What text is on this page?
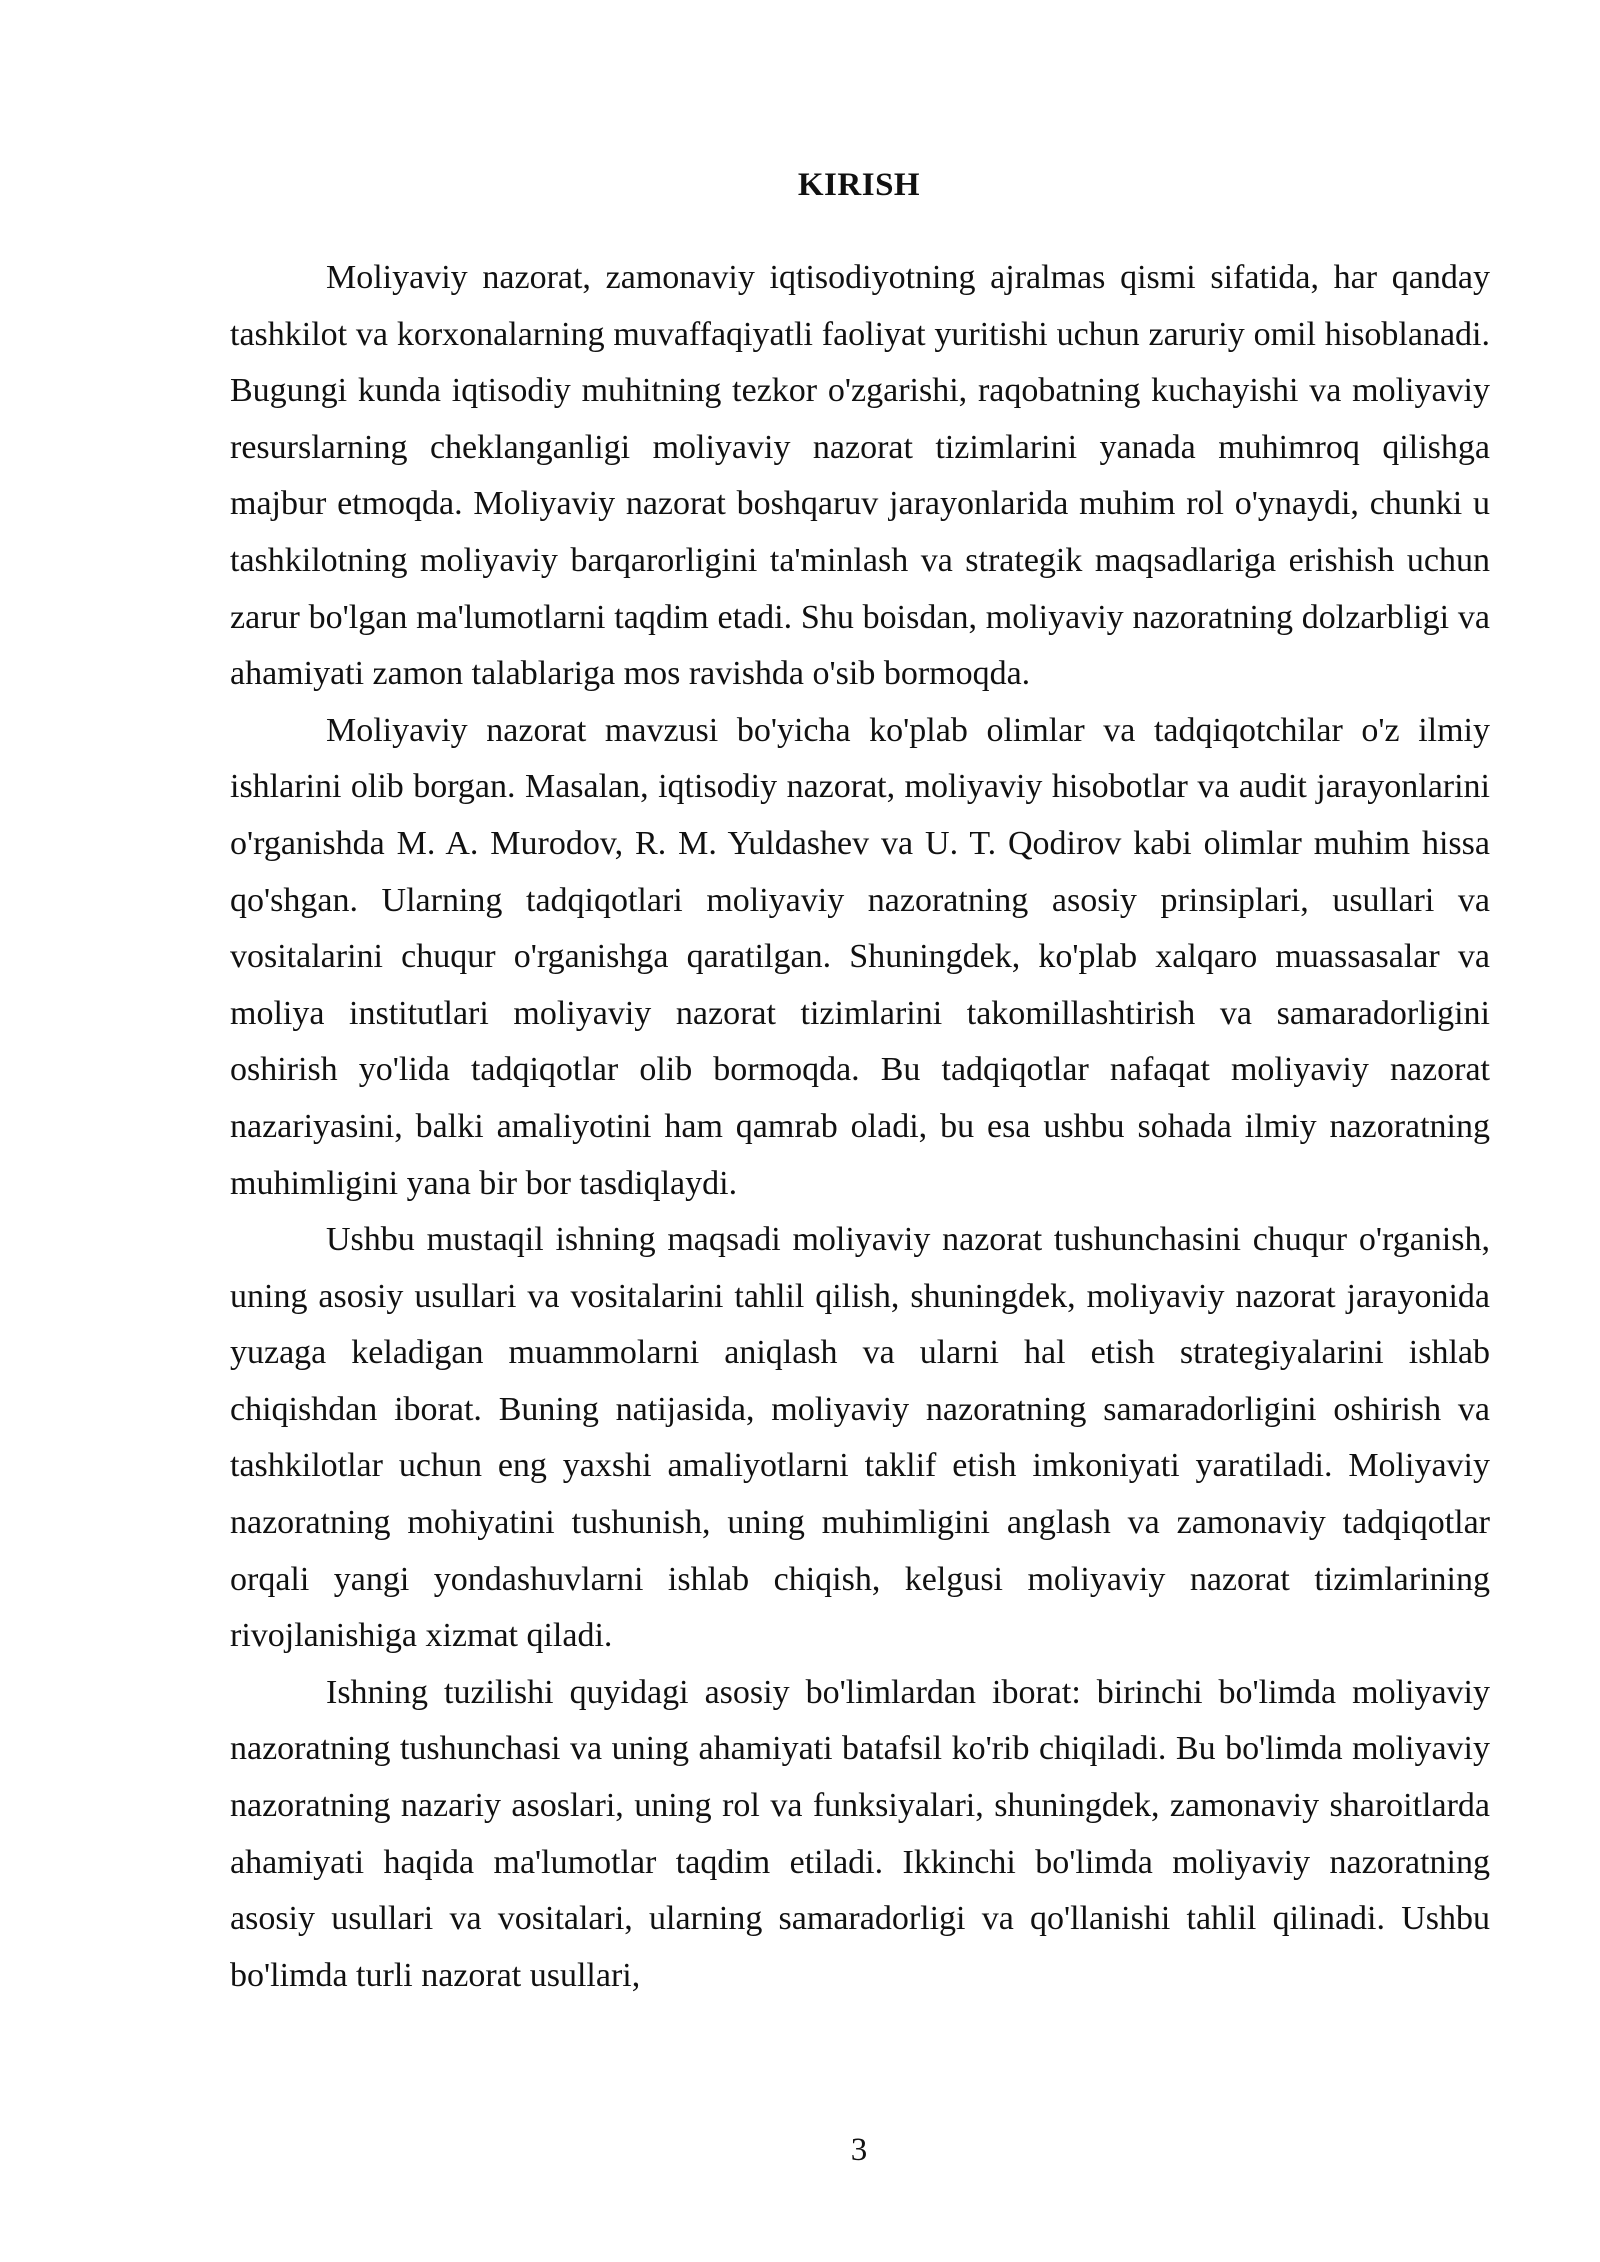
KIRISH

Moliyaviy nazorat, zamonaviy iqtisodiyotning ajralmas qismi sifatida, har qanday tashkilot va korxonalarning muvaffaqiyatli faoliyat yuritishi uchun zaruriy omil hisoblanadi. Bugungi kunda iqtisodiy muhitning tezkor o'zgarishi, raqobatning kuchayishi va moliyaviy resurslarning cheklanganligi moliyaviy nazorat tizimlarini yanada muhimroq qilishga majbur etmoqda. Moliyaviy nazorat boshqaruv jarayonlarida muhim rol o'ynaydi, chunki u tashkilotning moliyaviy barqarorligini ta'minlash va strategik maqsadlariga erishish uchun zarur bo'lgan ma'lumotlarni taqdim etadi. Shu boisdan, moliyaviy nazoratning dolzarbligi va ahamiyati zamon talablariga mos ravishda o'sib bormoqda.

Moliyaviy nazorat mavzusi bo'yicha ko'plab olimlar va tadqiqotchilar o'z ilmiy ishlarini olib borgan. Masalan, iqtisodiy nazorat, moliyaviy hisobotlar va audit jarayonlarini o'rganishda M. A. Murodov, R. M. Yuldashev va U. T. Qodirov kabi olimlar muhim hissa qo'shgan. Ularning tadqiqotlari moliyaviy nazoratning asosiy prinsiplari, usullari va vositalarini chuqur o'rganishga qaratilgan. Shuningdek, ko'plab xalqaro muassasalar va moliya institutlari moliyaviy nazorat tizimlarini takomillashtirish va samaradorligini oshirish yo'lida tadqiqotlar olib bormoqda. Bu tadqiqotlar nafaqat moliyaviy nazorat nazariyasini, balki amaliyotini ham qamrab oladi, bu esa ushbu sohada ilmiy nazoratning muhimligini yana bir bor tasdiqlaydi.

Ushbu mustaqil ishning maqsadi moliyaviy nazorat tushunchasini chuqur o'rganish, uning asosiy usullari va vositalarini tahlil qilish, shuningdek, moliyaviy nazorat jarayonida yuzaga keladigan muammolarni aniqlash va ularni hal etish strategiyalarini ishlab chiqishdan iborat. Buning natijasida, moliyaviy nazoratning samaradorligini oshirish va tashkilotlar uchun eng yaxshi amaliyotlarni taklif etish imkoniyati yaratiladi. Moliyaviy nazoratning mohiyatini tushunish, uning muhimligini anglash va zamonaviy tadqiqotlar orqali yangi yondashuvlarni ishlab chiqish, kelgusi moliyaviy nazorat tizimlarining rivojlanishiga xizmat qiladi.

Ishning tuzilishi quyidagi asosiy bo'limlardan iborat: birinchi bo'limda moliyaviy nazoratning tushunchasi va uning ahamiyati batafsil ko'rib chiqiladi. Bu bo'limda moliyaviy nazoratning nazariy asoslari, uning rol va funksiyalari, shuningdek, zamonaviy sharoitlarda ahamiyati haqida ma'lumotlar taqdim etiladi. Ikkinchi bo'limda moliyaviy nazoratning asosiy usullari va vositalari, ularning samaradorligi va qo'llanishi tahlil qilinadi. Ushbu bo'limda turli nazorat usullari,

3
